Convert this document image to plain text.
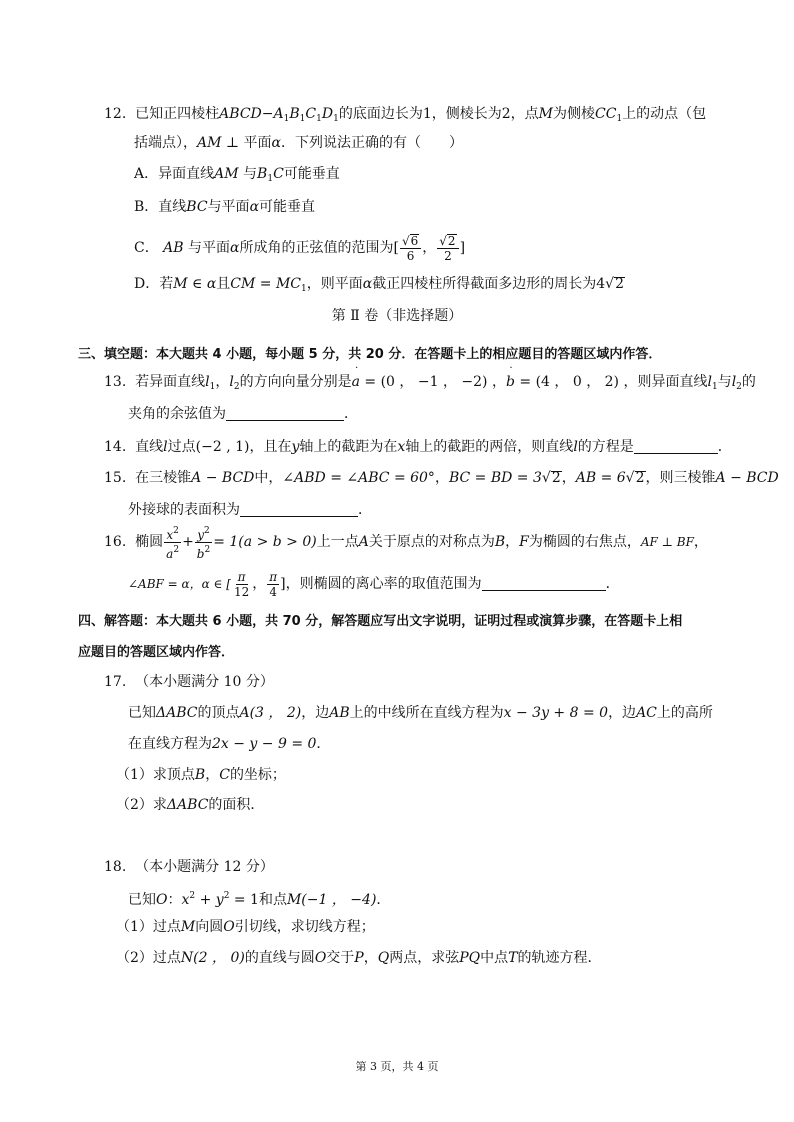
12. 已知正四棱柱$ABCD-A_1B_1C_1D_1$的底面边长为1，侧棱长为2，点M为侧棱$CC_1$上的动点（包
括端点），AM ⊥ 平面α．下列说法正确的有（　　）
A．异面直线AM 与$B_1C$可能垂直
B．直线BC与平面α可能垂直
C． AB 与平面α所成角的正弦值的范围为[ $\frac{√6}{6}$ ， $\frac{√2}{2}$ ]
D．若M ∈ α且CM = $MC_1$，则平面α截正四棱柱所得截面多边形的周长为4√2
第 Ⅱ 卷（非选择题）
三、填空题：本大题共 4 小题，每小题 5 分，共 20 分．在答题卡上的相应题目的答题区域内作答．
13. 若异面直线$l_1$，$l_2$的方向向量分别是˙ a = (0 ， −1 ， −2) ，˙ b = (4 ， 0 ， 2) ，则异面直线$l_1$与$l_2$的
夹角的余弦值为	．
14. 直线l过点(−2 , 1)，且在y轴上的截距为在x轴上的截距的两倍，则直线l的方程是	．
15. 在三棱锥A − BCD中，∠ABD = ∠ABC = 60°，BC = BD = 3√2，AB = 6√2，则三棱锥A − BCD
外接球的表面积为	．
16. 椭圆 $\frac{x^2}{a^2} + \frac{y^2}{b^2} = 1(a > b > 0)$上一点A关于原点的对称点为B，F为椭圆的右焦点，AF ⊥ BF，
∠ABF = α，α ∈ [ $\frac{\pi}{12}$ ， $\frac{\pi}{4}$ ]，则椭圆的离心率的取值范围为	．
四、解答题：本大题共 6 小题，共 70 分，解答题应写出文字说明，证明过程或演算步骤，在答题卡上相
应题目的答题区域内作答．
17. （本小题满分 10 分）
已知ΔABC的顶点A(3 ， 2)，边AB上的中线所在直线方程为x − 3y + 8 = 0，边AC上的高所
在直线方程为2x − y − 9 = 0．
（1）求顶点B，C的坐标；
（2）求ΔABC的面积．
18. （本小题满分 12 分）
已知O：$x^2 + y^2 = 1$和点M(−1 ， −4)．
（1）过点M向圆O引切线，求切线方程；
（2）过点N(2 ， 0)的直线与圆O交于P，Q两点，求弦PQ中点T的轨迹方程．
第 3 页，共 4 页
